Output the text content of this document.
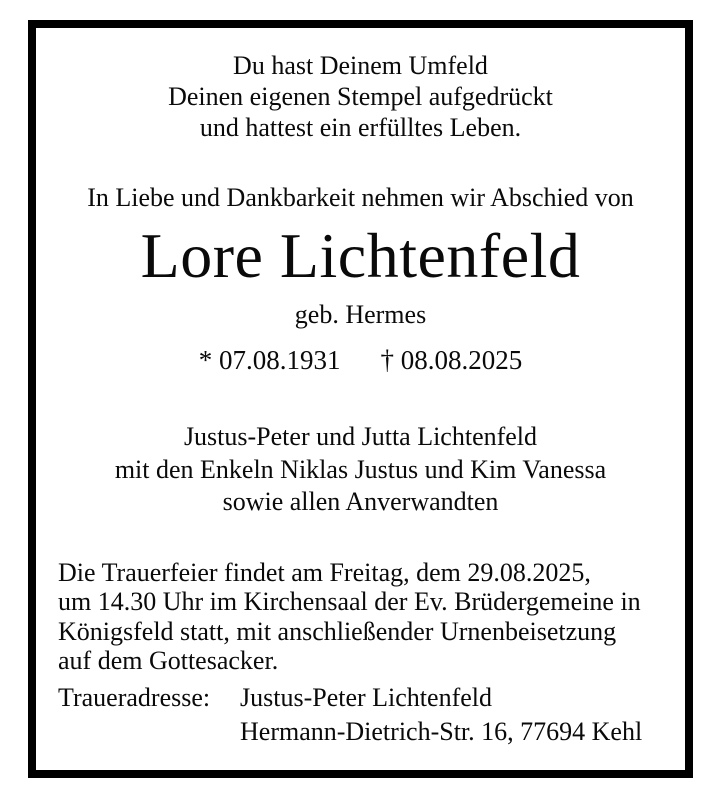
Du hast Deinem Umfeld
Deinen eigenen Stempel aufgedrückt
und hattest ein erfülltes Leben.
In Liebe und Dankbarkeit nehmen wir Abschied von
Lore Lichtenfeld
geb. Hermes
* 07.08.1931 † 08.08.2025
Justus-Peter und Jutta Lichtenfeld
mit den Enkeln Niklas Justus und Kim Vanessa
sowie allen Anverwandten
Die Trauerfeier findet am Freitag, dem 29.08.2025,
um 14.30 Uhr im Kirchensaal der Ev. Brüdergemeine in
Königsfeld statt, mit anschließender Urnenbeisetzung
auf dem Gottesacker.
Traueradresse:	Justus-Peter Lichtenfeld
Hermann-Dietrich-Str. 16, 77694 Kehl
